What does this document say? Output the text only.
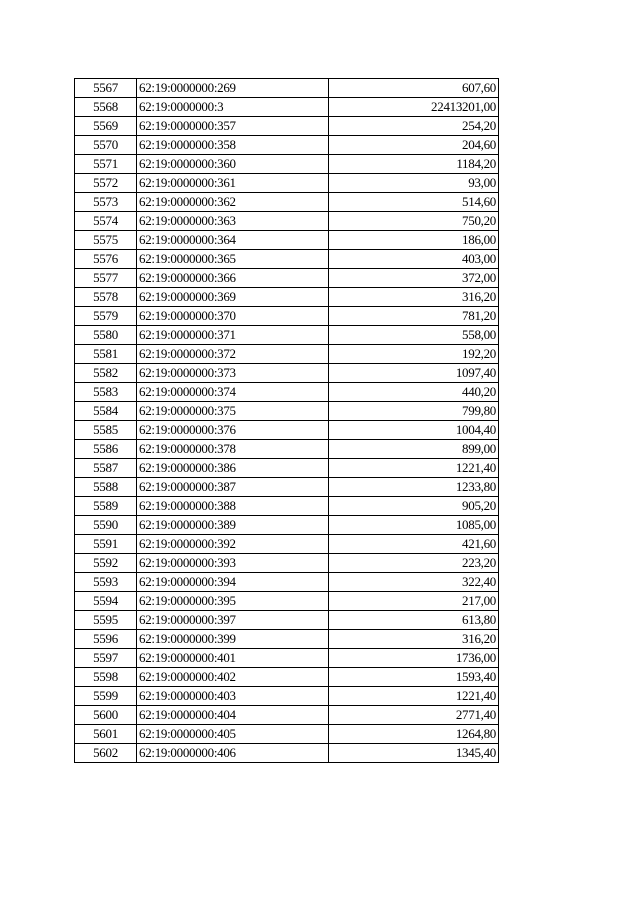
5567	62:19:0000000:269	607,60
5568	62:19:0000000:3	22413201,00
5569	62:19:0000000:357	254,20
5570	62:19:0000000:358	204,60
5571	62:19:0000000:360	1184,20
5572	62:19:0000000:361	93,00
5573	62:19:0000000:362	514,60
5574	62:19:0000000:363	750,20
5575	62:19:0000000:364	186,00
5576	62:19:0000000:365	403,00
5577	62:19:0000000:366	372,00
5578	62:19:0000000:369	316,20
5579	62:19:0000000:370	781,20
5580	62:19:0000000:371	558,00
5581	62:19:0000000:372	192,20
5582	62:19:0000000:373	1097,40
5583	62:19:0000000:374	440,20
5584	62:19:0000000:375	799,80
5585	62:19:0000000:376	1004,40
5586	62:19:0000000:378	899,00
5587	62:19:0000000:386	1221,40
5588	62:19:0000000:387	1233,80
5589	62:19:0000000:388	905,20
5590	62:19:0000000:389	1085,00
5591	62:19:0000000:392	421,60
5592	62:19:0000000:393	223,20
5593	62:19:0000000:394	322,40
5594	62:19:0000000:395	217,00
5595	62:19:0000000:397	613,80
5596	62:19:0000000:399	316,20
5597	62:19:0000000:401	1736,00
5598	62:19:0000000:402	1593,40
5599	62:19:0000000:403	1221,40
5600	62:19:0000000:404	2771,40
5601	62:19:0000000:405	1264,80
5602	62:19:0000000:406	1345,40
